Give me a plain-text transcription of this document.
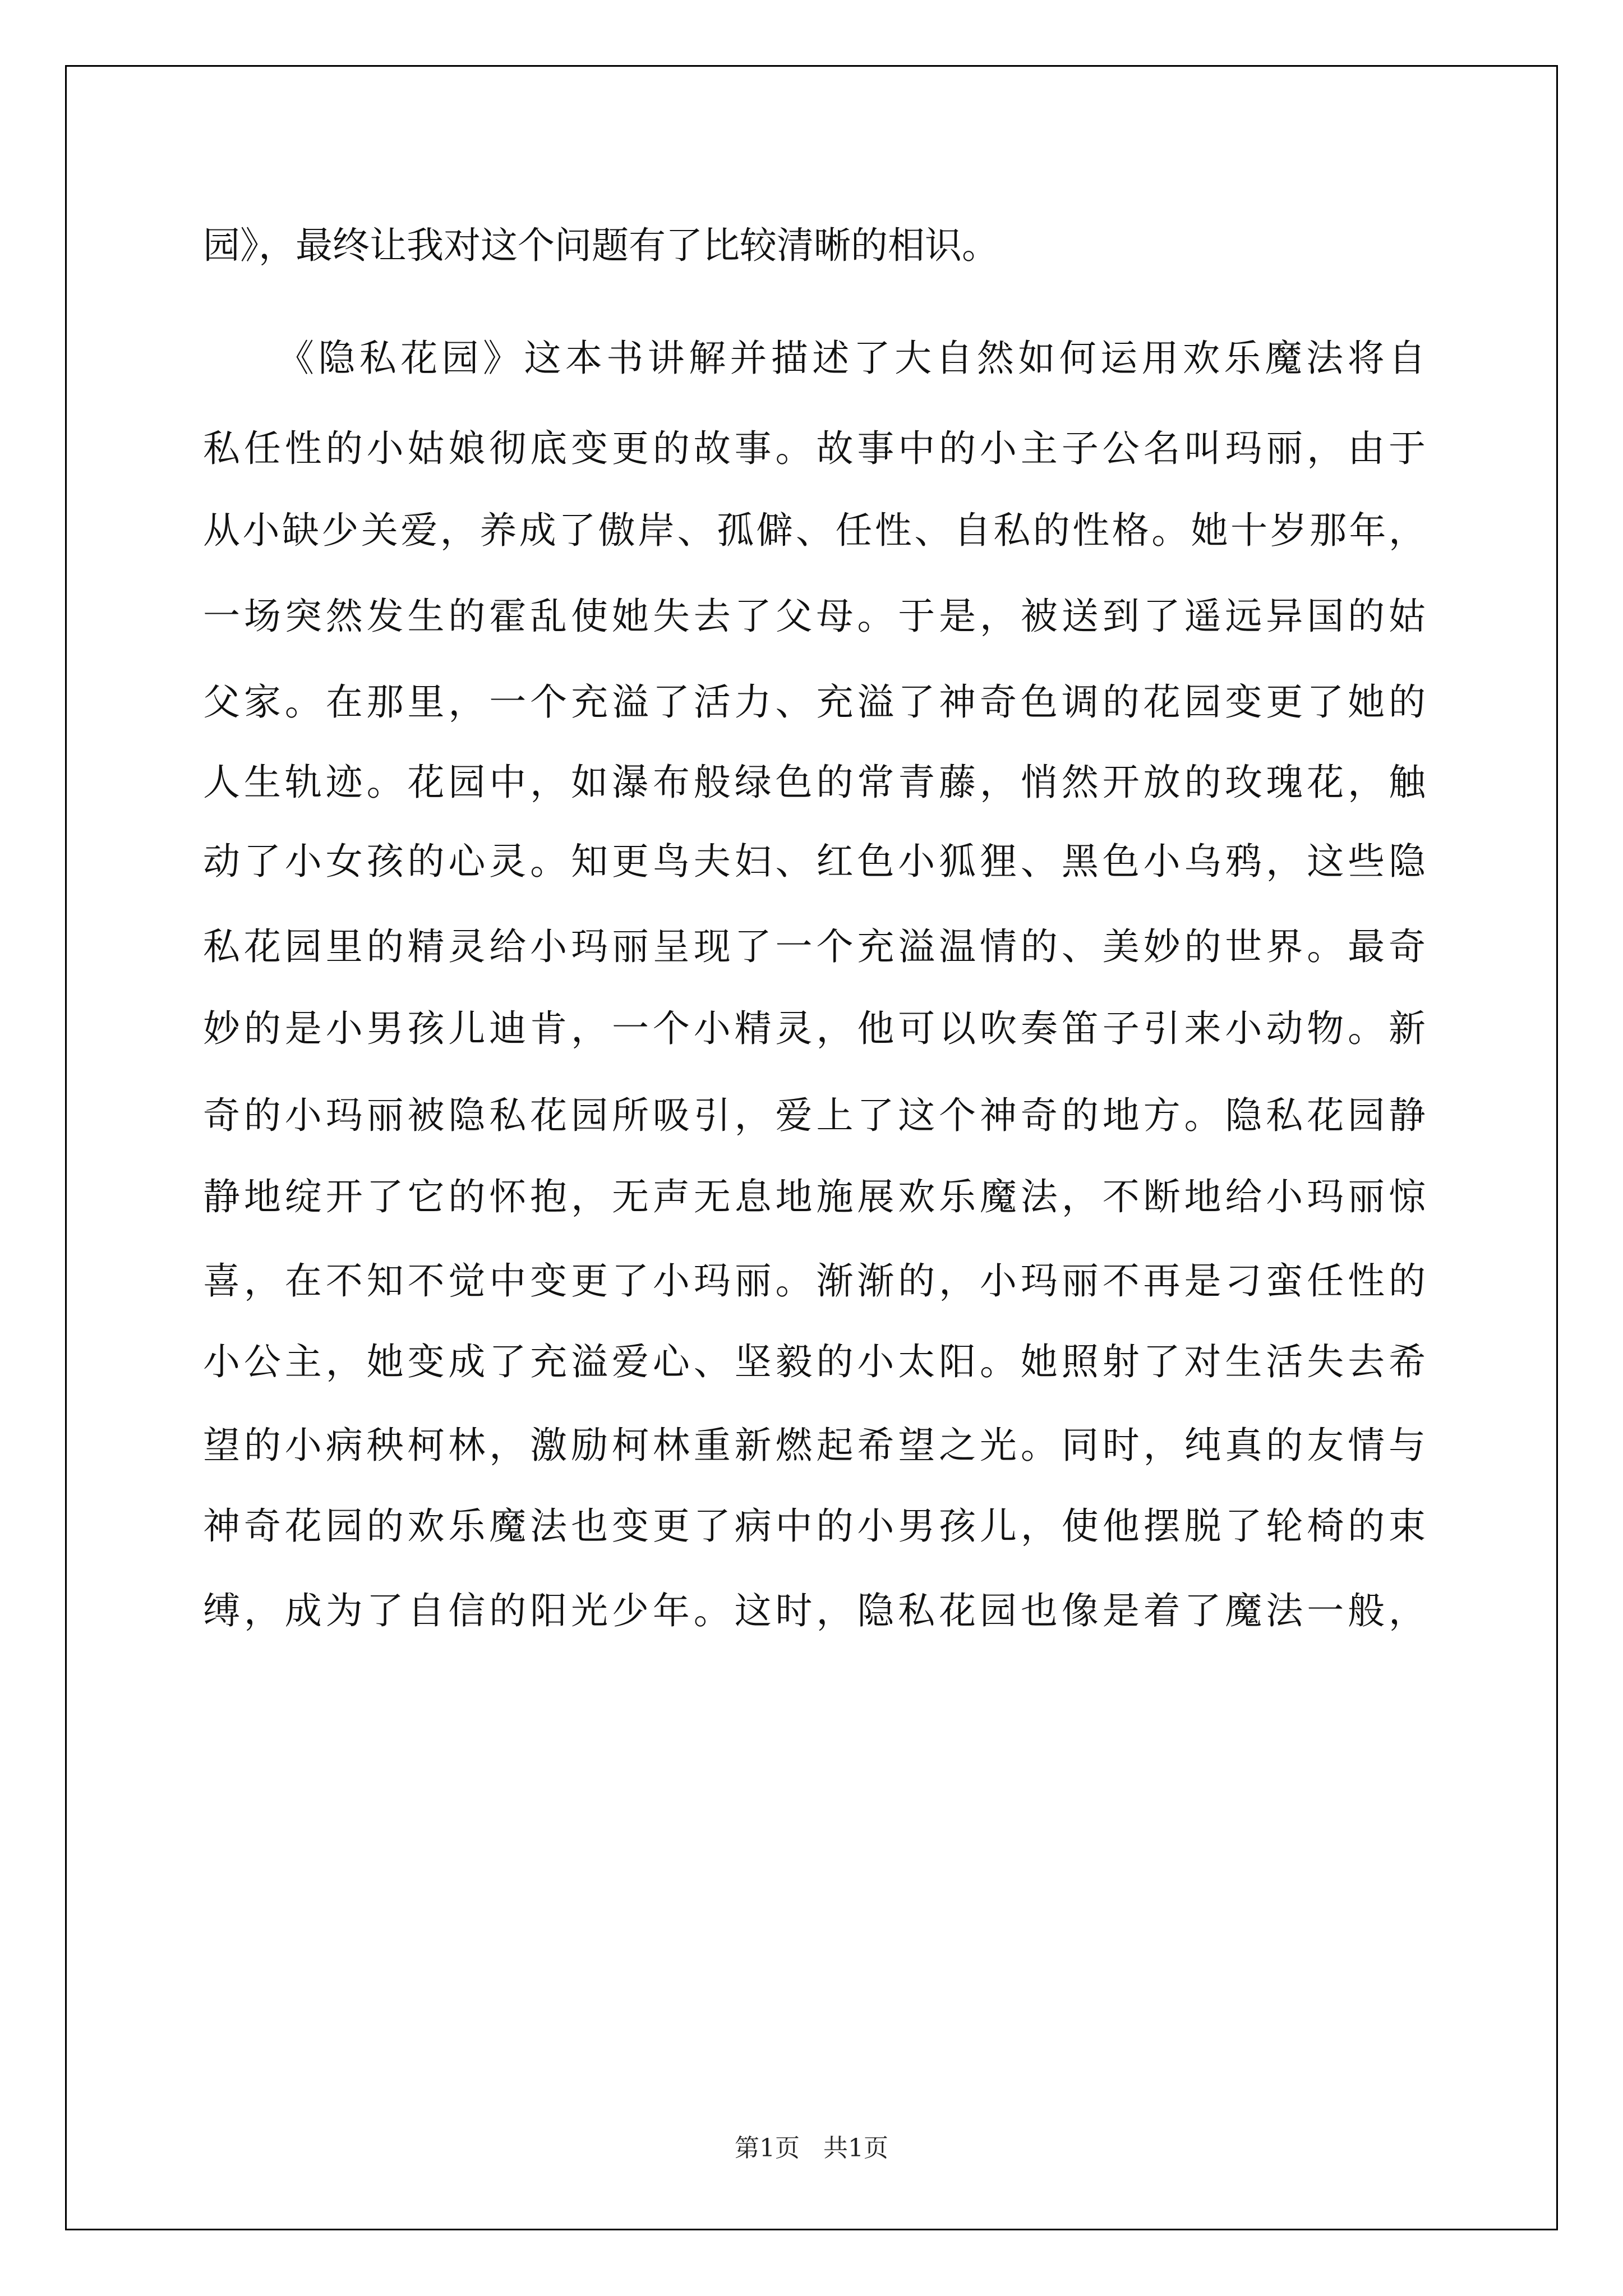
园》，最终让我对这个问题有了比较清晰的相识。
《隐私花园》这本书讲解并描述了大自然如何运用欢乐魔法将自
私任性的小姑娘彻底变更的故事。故事中的小主子公名叫玛丽，由于
从小缺少关爱，养成了傲岸、孤僻、任性、自私的性格。她十岁那年，
一场突然发生的霍乱使她失去了父母。于是，被送到了遥远异国的姑
父家。在那里，一个充溢了活力、充溢了神奇色调的花园变更了她的
人生轨迹。花园中，如瀑布般绿色的常青藤，悄然开放的玫瑰花，触
动了小女孩的心灵。知更鸟夫妇、红色小狐狸、黑色小乌鸦，这些隐
私花园里的精灵给小玛丽呈现了一个充溢温情的、美妙的世界。最奇
妙的是小男孩儿迪肯，一个小精灵，他可以吹奏笛子引来小动物。新
奇的小玛丽被隐私花园所吸引，爱上了这个神奇的地方。隐私花园静
静地绽开了它的怀抱，无声无息地施展欢乐魔法，不断地给小玛丽惊
喜，在不知不觉中变更了小玛丽。渐渐的，小玛丽不再是刁蛮任性的
小公主，她变成了充溢爱心、坚毅的小太阳。她照射了对生活失去希
望的小病秧柯林，激励柯林重新燃起希望之光。同时，纯真的友情与
神奇花园的欢乐魔法也变更了病中的小男孩儿，使他摆脱了轮椅的束
缚，成为了自信的阳光少年。这时，隐私花园也像是着了魔法一般，
第1页   共1页
